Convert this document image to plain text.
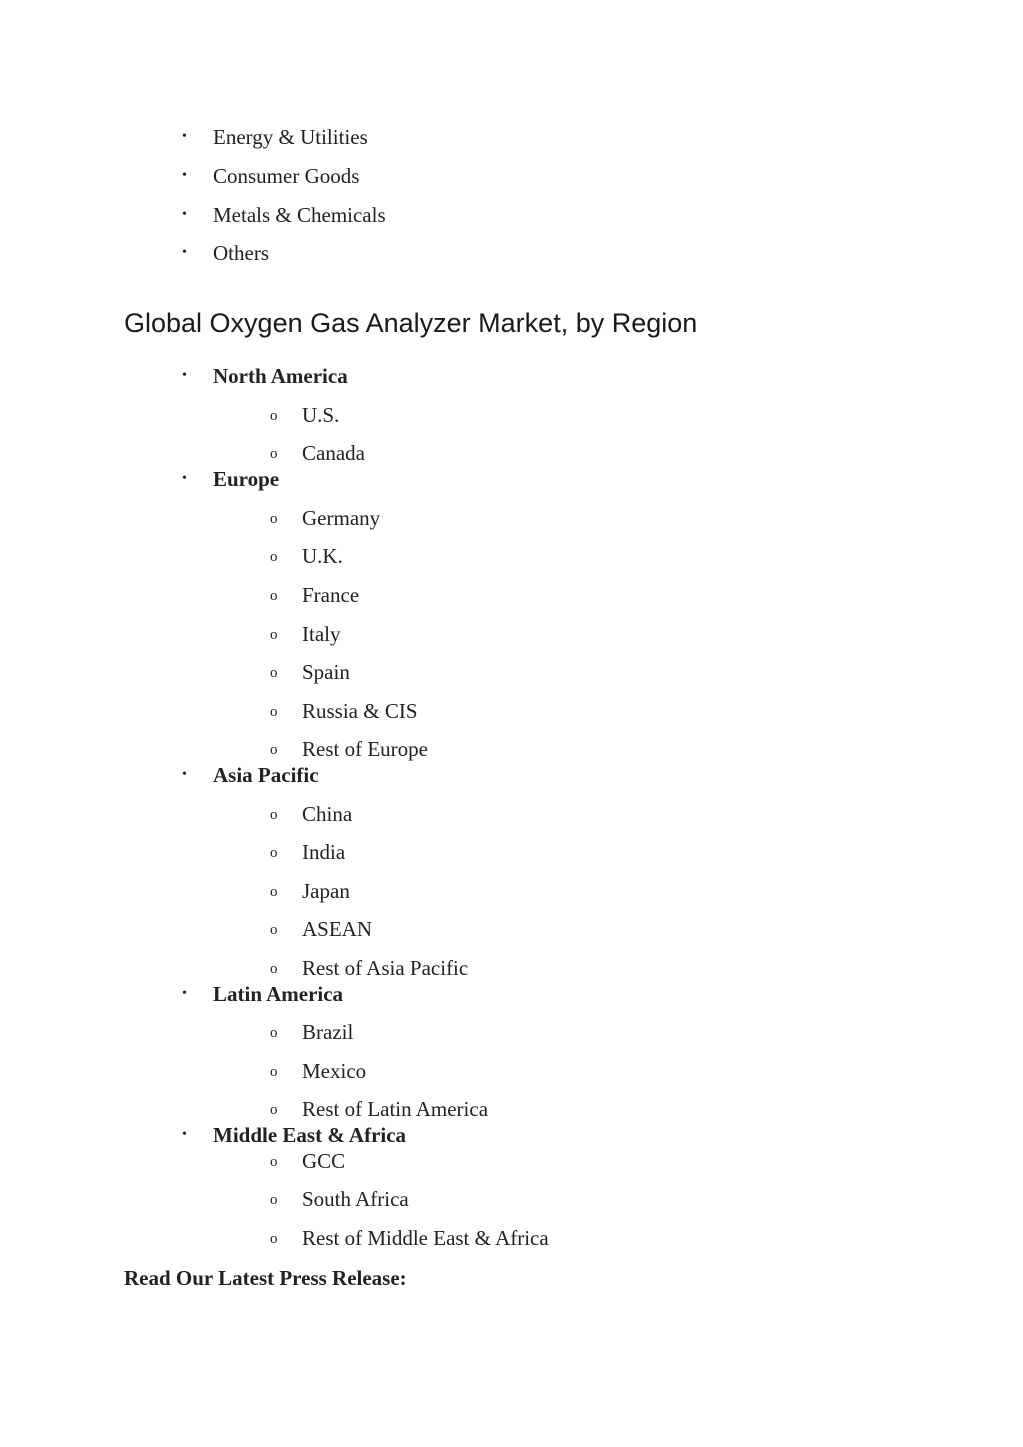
• Energy & Utilities
• Consumer Goods
• Metals & Chemicals
• Others
Global Oxygen Gas Analyzer Market, by Region
• North America
o U.S.
o Canada
• Europe
o Germany
o U.K.
o France
o Italy
o Spain
o Russia & CIS
o Rest of Europe
• Asia Pacific
o China
o India
o Japan
o ASEAN
o Rest of Asia Pacific
• Latin America
o Brazil
o Mexico
o Rest of Latin America
• Middle East & Africa
o GCC
o South Africa
o Rest of Middle East & Africa
Read Our Latest Press Release:
